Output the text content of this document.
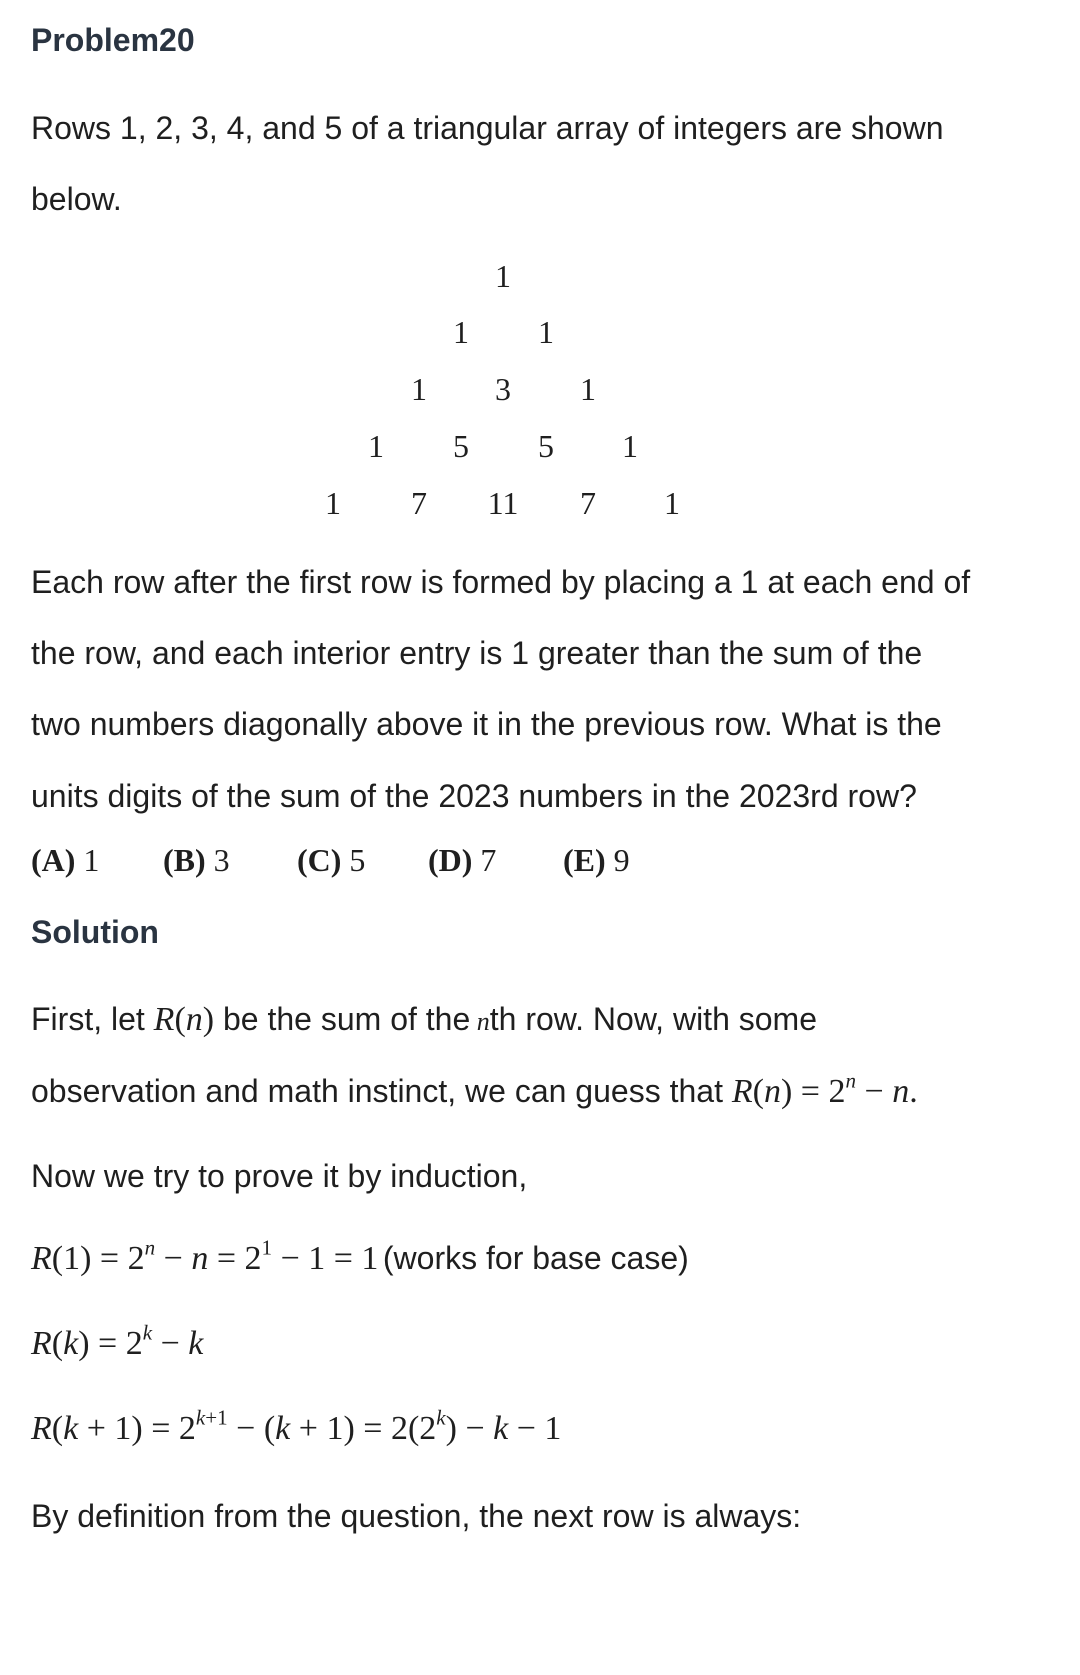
Problem20
Rows 1, 2, 3, 4, and 5 of a triangular array of integers are shown
below.
1
1 1
1 3 1
1 5 5 1
1 7 11 7 1
Each row after the first row is formed by placing a 1 at each end of
the row, and each interior entry is 1 greater than the sum of the
two numbers diagonally above it in the previous row. What is the
units digits of the sum of the 2023 numbers in the 2023rd row?
(A) 1 (B) 3 (C) 5 (D) 7 (E) 9
Solution
First, let R(n) be the sum of the nth row. Now, with some
observation and math instinct, we can guess that $R(n) = 2^n - n$.
Now we try to prove it by induction,
$R(1) = 2^n - n = 2^1 - 1 = 1$ (works for base case)
$R(k) = 2^k - k$
$R(k + 1) = 2^{k+1} - (k + 1) = 2(2^k) - k - 1$
By definition from the question, the next row is always:
